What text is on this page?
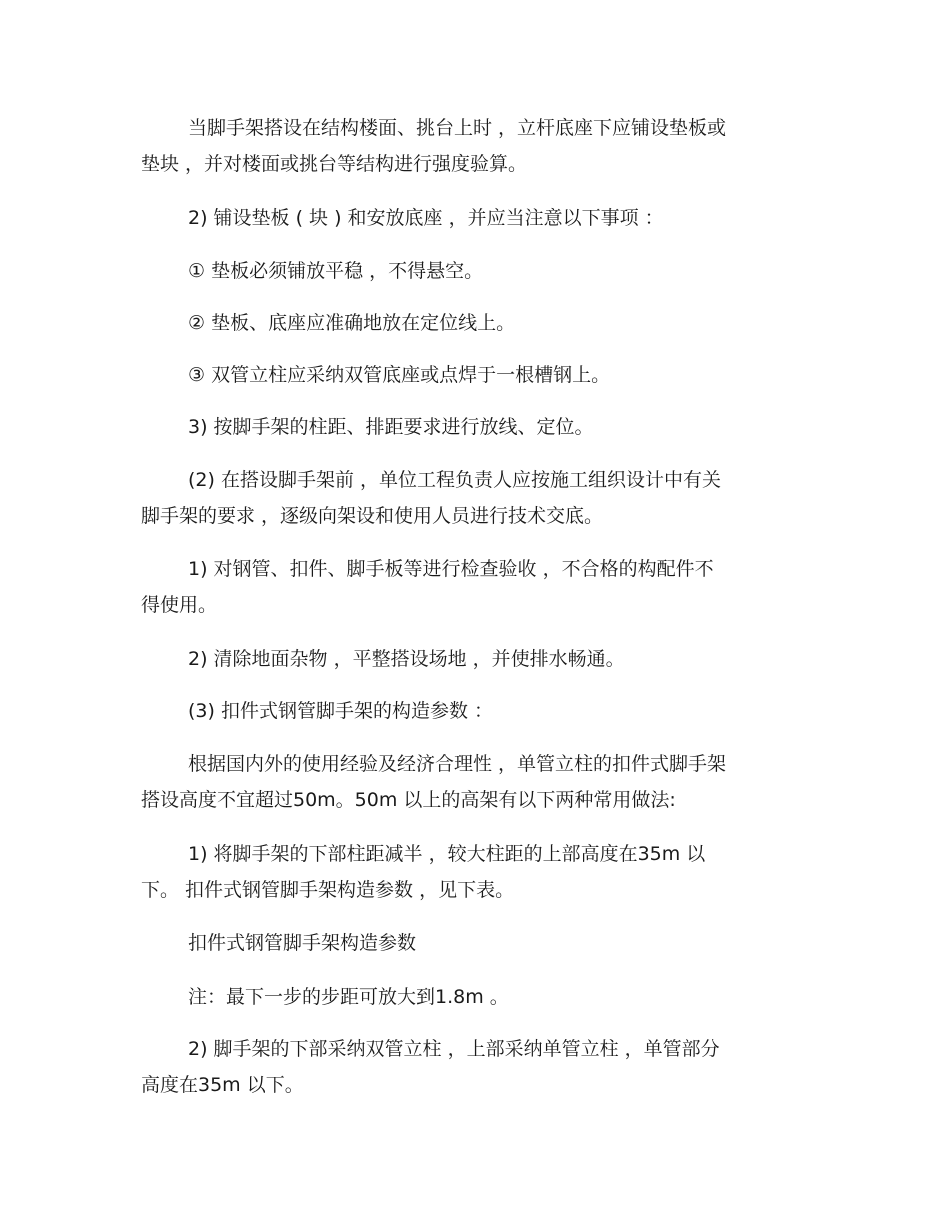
当脚手架搭设在结构楼面、挑台上时 ，立杆底座下应铺设垫板或
垫块 ，并对楼面或挑台等结构进行强度验算。

2) 铺设垫板 ( 块 ) 和安放底座 ，并应当注意以下事项 ：

① 垫板必须铺放平稳 ，不得悬空。

② 垫板、底座应准确地放在定位线上。

③ 双管立柱应采纳双管底座或点焊于一根槽钢上。

3) 按脚手架的柱距、排距要求进行放线、定位。

(2) 在搭设脚手架前 ，单位工程负责人应按施工组织设计中有关
脚手架的要求 ，逐级向架设和使用人员进行技术交底。

1) 对钢管、扣件、脚手板等进行检查验收 ，不合格的构配件不
得使用。

2) 清除地面杂物 ，平整搭设场地 ，并使排水畅通。

(3) 扣件式钢管脚手架的构造参数 ：

根据国内外的使用经验及经济合理性 ，单管立柱的扣件式脚手架
搭设高度不宜超过50m。50m 以上的高架有以下两种常用做法:

1) 将脚手架的下部柱距减半 ，较大柱距的上部高度在35m 以
下。 扣件式钢管脚手架构造参数 ，见下表。

扣件式钢管脚手架构造参数

注：最下一步的步距可放大到1.8m 。

2) 脚手架的下部采纳双管立柱 ，上部采纳单管立柱 ，单管部分
高度在35m 以下。
